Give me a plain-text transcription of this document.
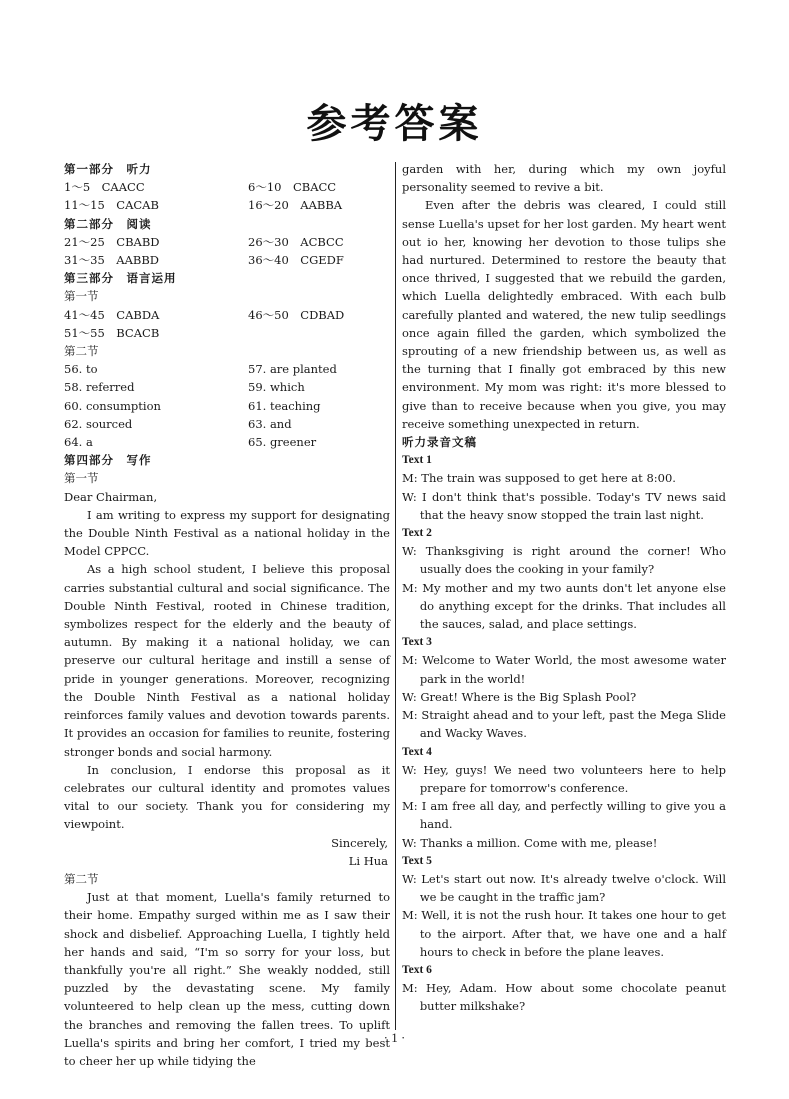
参考答案
第一部分　听力
1～5　CAACC	6～10　CBACC
11～15　CACAB	16～20　AABBA
第二部分　阅读
21～25　CBABD	26～30　ACBCC
31～35　AABBD	36～40　CGEDF
第三部分　语言运用
第一节
41～45　CABDA	46～50　CDBAD
51～55　BCACB
第二节
56. to	57. are planted
58. referred	59. which
60. consumption	61. teaching
62. sourced	63. and
64. a	65. greener
第四部分　写作
第一节

Dear Chairman,

I am writing to express my support for designating the Double Ninth Festival as a national holiday in the Model CPPCC.

As a high school student, I believe this proposal carries substantial cultural and social significance. The Double Ninth Festival, rooted in Chinese tradition, symbolizes respect for the elderly and the beauty of autumn. By making it a national holiday, we can preserve our cultural heritage and instill a sense of pride in younger generations. Moreover, recognizing the Double Ninth Festival as a national holiday reinforces family values and devotion towards parents. It provides an occasion for families to reunite, fostering stronger bonds and social harmony.

In conclusion, I endorse this proposal as it celebrates our cultural identity and promotes values vital to our society. Thank you for considering my viewpoint.

Sincerely,

Li Hua

第二节

Just at that moment, Luella's family returned to their home. Empathy surged within me as I saw their shock and disbelief. Approaching Luella, I tightly held her hands and said, “I'm so sorry for your loss, but thankfully you're all right.” She weakly nodded, still puzzled by the devastating scene. My family volunteered to help clean up the mess, cutting down the branches and removing the fallen trees. To uplift Luella's spirits and bring her comfort, I tried my best to cheer her up while tidying the

garden with her, during which my own joyful personality seemed to revive a bit.

Even after the debris was cleared, I could still sense Luella's upset for her lost garden. My heart went out io her, knowing her devotion to those tulips she had nurtured. Determined to restore the beauty that once thrived, I suggested that we rebuild the garden, which Luella delightedly embraced. With each bulb carefully planted and watered, the new tulip seedlings once again filled the garden, which symbolized the sprouting of a new friendship between us, as well as the turning that I finally got embraced by this new environment. My mom was right: it's more blessed to give than to receive because when you give, you may receive something unexpected in return.

听力录音文稿
Text 1

M: The train was supposed to get here at 8:00.

W: I don't think that's possible. Today's TV news said that the heavy snow stopped the train last night.

Text 2

W: Thanksgiving is right around the corner! Who usually does the cooking in your family?

M: My mother and my two aunts don't let anyone else do anything except for the drinks. That includes all the sauces, salad, and place settings.

Text 3

M: Welcome to Water World, the most awesome water park in the world!

W: Great! Where is the Big Splash Pool?

M: Straight ahead and to your left, past the Mega Slide and Wacky Waves.

Text 4

W: Hey, guys! We need two volunteers here to help prepare for tomorrow's conference.

M: I am free all day, and perfectly willing to give you a hand.

W: Thanks a million. Come with me, please!

Text 5

W: Let's start out now. It's already twelve o'clock. Will we be caught in the traffic jam?

M: Well, it is not the rush hour. It takes one hour to get to the airport. After that, we have one and a half hours to check in before the plane leaves.

Text 6

M: Hey, Adam. How about some chocolate peanut butter milkshake?

· 1 ·
